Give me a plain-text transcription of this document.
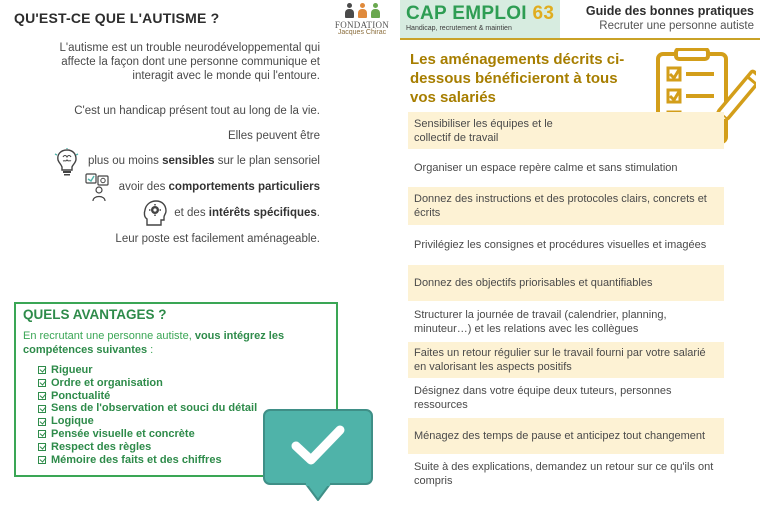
QU'EST-CE QUE L'AUTISME ?	FONDATION
Jacques Chirac
L'autisme est un trouble neurodéveloppemental qui affecte la façon dont une personne communique et interagit avec le monde qui l'entoure.
C'est un handicap présent tout au long de la vie.
Elles peuvent être
plus ou moins sensibles sur le plan sensoriel
avoir des comportements particuliers
et des intérêts spécifiques.
Leur poste est facilement aménageable.
QUELS AVANTAGES ?
En recrutant une personne autiste, vous intégrez les compétences suivantes :
Rigueur
Ordre et organisation
Ponctualité
Sens de l'observation et souci du détail
Logique
Pensée visuelle et concrète
Respect des règles
Mémoire des faits et des chiffres
CAP EMPLOI 63
Handicap, recrutement & maintien
Guide des bonnes pratiques
Recruter une personne autiste
Les aménagements décrits ci-dessous bénéficieront à tous vos salariés
Sensibiliser les équipes et le collectif de travail
Organiser un espace repère calme et sans stimulation
Donnez des instructions et des protocoles clairs, concrets et écrits
Privilégiez les consignes et procédures visuelles et imagées
Donnez des objectifs priorisables et quantifiables
Structurer la journée de travail (calendrier, planning, minuteur…) et les relations avec les collègues
Faites un retour régulier sur le travail fourni par votre salarié en valorisant les aspects positifs
Désignez dans votre équipe deux tuteurs, personnes ressources
Ménagez des temps de pause et anticipez tout changement
Suite à des explications, demandez un retour sur ce qu'ils ont compris
